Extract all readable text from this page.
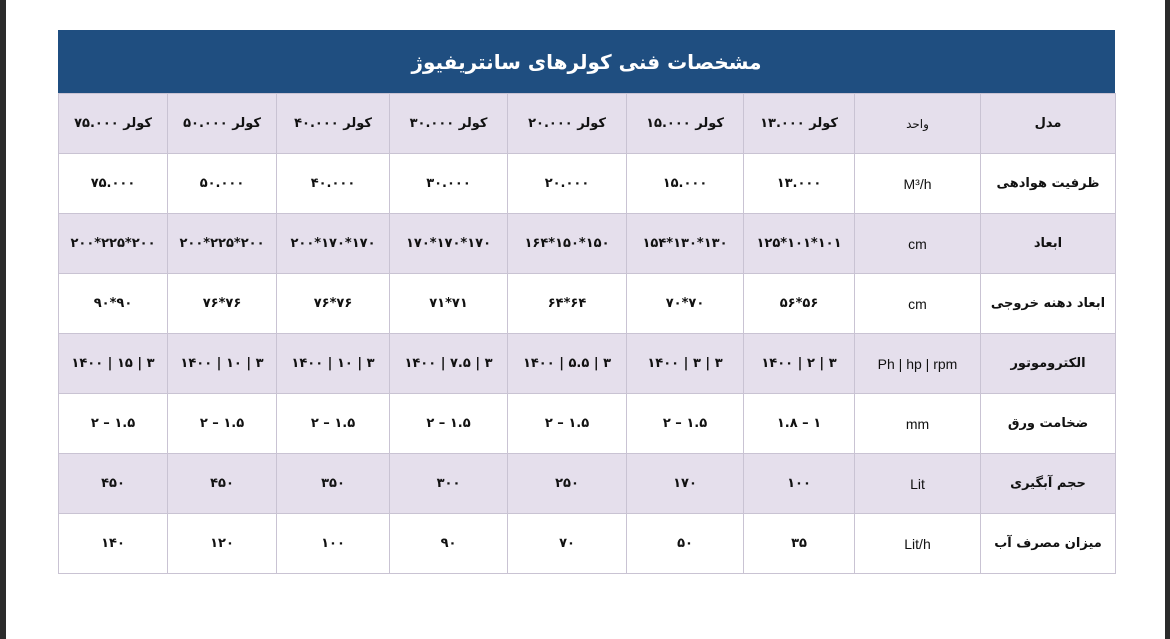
مشخصات فنی کولرهای سانتریفیوژ
مدل	واحد	کولر ۱۳.۰۰۰	کولر ۱۵.۰۰۰	کولر ۲۰.۰۰۰	کولر ۳۰.۰۰۰	کولر ۴۰.۰۰۰	کولر ۵۰.۰۰۰	کولر ۷۵.۰۰۰
ظرفیت هوادهی	M³/h	۱۳.۰۰۰	۱۵.۰۰۰	۲۰.۰۰۰	۳۰.۰۰۰	۴۰.۰۰۰	۵۰.۰۰۰	۷۵.۰۰۰
ابعاد	cm	۱۰۱*۱۰۱*۱۲۵	۱۳۰*۱۳۰*۱۵۴	۱۵۰*۱۵۰*۱۶۴	۱۷۰*۱۷۰*۱۷۰	۱۷۰*۱۷۰*۲۰۰	۲۰۰*۲۲۵*۲۰۰	۲۰۰*۲۲۵*۲۰۰
ابعاد دهنه خروجی	cm	۵۶*۵۶	۷۰*۷۰	۶۴*۶۴	۷۱*۷۱	۷۶*۷۶	۷۶*۷۶	۹۰*۹۰
الکتروموتور	Ph | hp | rpm	۳ | ۲ | ۱۴۰۰	۳ | ۳ | ۱۴۰۰	۳ | ۵.۵ | ۱۴۰۰	۳ | ۷.۵ | ۱۴۰۰	۳ | ۱۰ | ۱۴۰۰	۳ | ۱۰ | ۱۴۰۰	۳ | ۱۵ | ۱۴۰۰
ضخامت ورق	mm	۱ – ۱.۸	۱.۵ – ۲	۱.۵ – ۲	۱.۵ – ۲	۱.۵ – ۲	۱.۵ – ۲	۱.۵ – ۲
حجم آبگیری	Lit	۱۰۰	۱۷۰	۲۵۰	۳۰۰	۳۵۰	۴۵۰	۴۵۰
میزان مصرف آب	Lit/h	۳۵	۵۰	۷۰	۹۰	۱۰۰	۱۲۰	۱۴۰
